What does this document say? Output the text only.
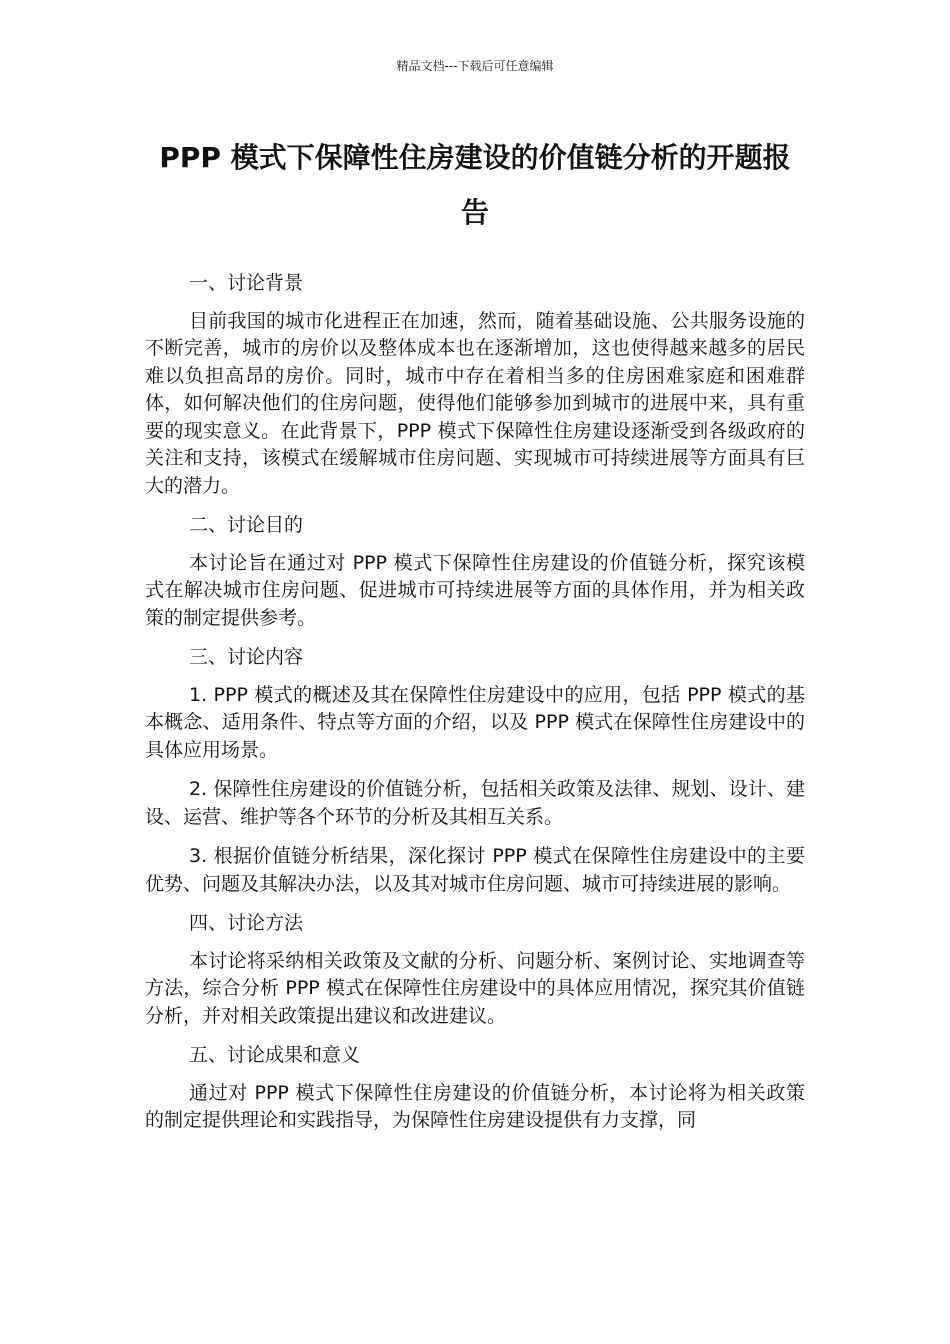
精品文档---下载后可任意编辑
PPP 模式下保障性住房建设的价值链分析的开题报告

一、讨论背景

目前我国的城市化进程正在加速，然而，随着基础设施、公共服务设施的不断完善，城市的房价以及整体成本也在逐渐增加，这也使得越来越多的居民难以负担高昂的房价。同时，城市中存在着相当多的住房困难家庭和困难群体，如何解决他们的住房问题，使得他们能够参加到城市的进展中来，具有重要的现实意义。在此背景下，PPP 模式下保障性住房建设逐渐受到各级政府的关注和支持，该模式在缓解城市住房问题、实现城市可持续进展等方面具有巨大的潜力。

二、讨论目的

本讨论旨在通过对 PPP 模式下保障性住房建设的价值链分析，探究该模式在解决城市住房问题、促进城市可持续进展等方面的具体作用，并为相关政策的制定提供参考。

三、讨论内容

1. PPP 模式的概述及其在保障性住房建设中的应用，包括 PPP 模式的基本概念、适用条件、特点等方面的介绍，以及 PPP 模式在保障性住房建设中的具体应用场景。

2. 保障性住房建设的价值链分析，包括相关政策及法律、规划、设计、建设、运营、维护等各个环节的分析及其相互关系。

3. 根据价值链分析结果，深化探讨 PPP 模式在保障性住房建设中的主要优势、问题及其解决办法，以及其对城市住房问题、城市可持续进展的影响。

四、讨论方法

本讨论将采纳相关政策及文献的分析、问题分析、案例讨论、实地调查等方法，综合分析 PPP 模式在保障性住房建设中的具体应用情况，探究其价值链分析，并对相关政策提出建议和改进建议。

五、讨论成果和意义

通过对 PPP 模式下保障性住房建设的价值链分析，本讨论将为相关政策的制定提供理论和实践指导，为保障性住房建设提供有力支撑，同
